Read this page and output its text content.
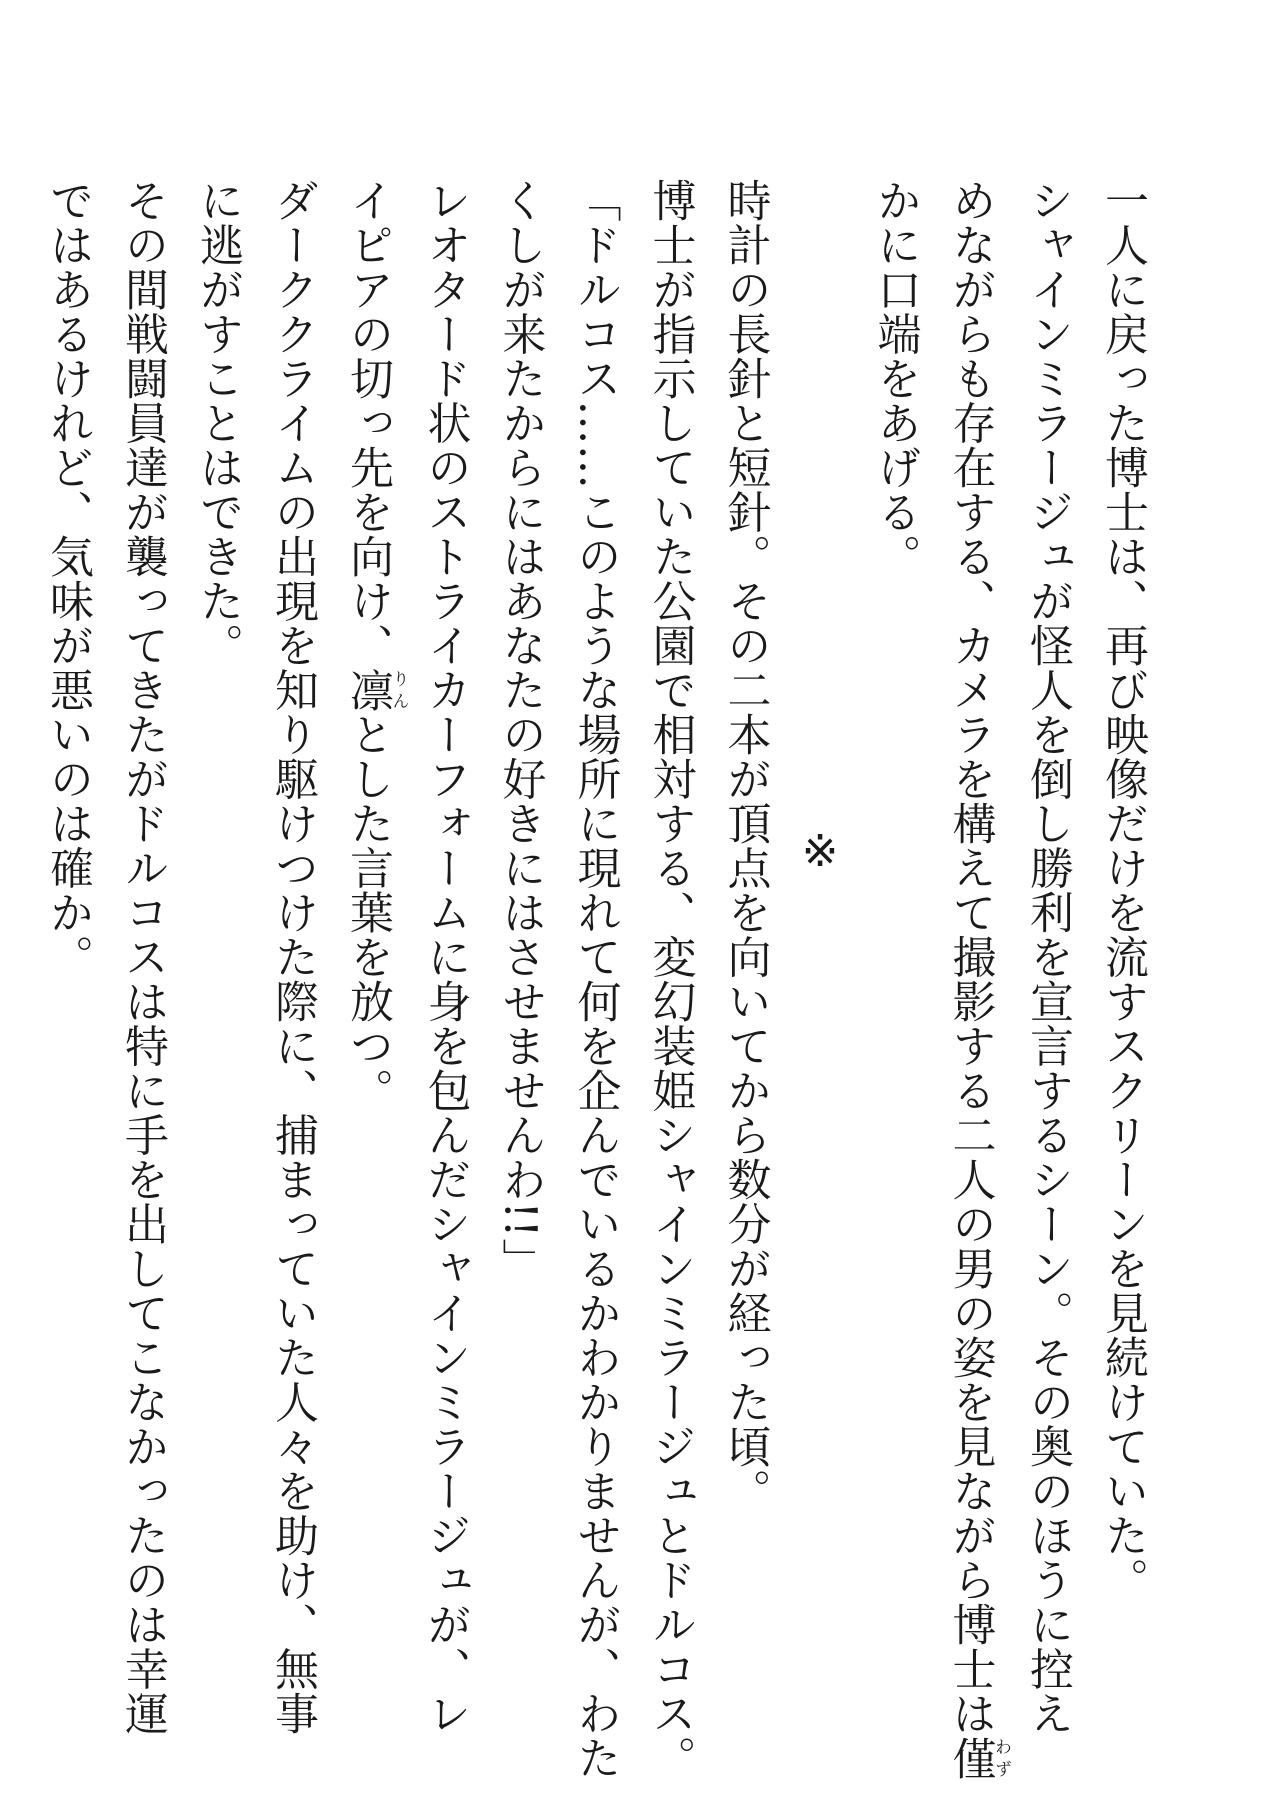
一人に戻った博士は、再び映像だけを流すスクリーンを見続けていた。
シャインミラージュが怪人を倒し勝利を宣言するシーン。その奥のほうに控え
めながらも存在する、カメラを構えて撮影する二人の男の姿を見ながら博士は僅わず
かに口端をあげる。
※
時計の長針と短針。その二本が頂点を向いてから数分が経った頃。
博士が指示していた公園で相対する、変幻装姫シャインミラージュとドルコス。
「ドルコス……このような場所に現れて何を企んでいるかわかりませんが、わた
くしが来たからにはあなたの好きにはさせませんわ!!」
レオタード状のストライカーフォームに身を包んだシャインミラージュが、レ
イピアの切っ先を向け、凛りんとした言葉を放つ。
ダーククライムの出現を知り駆けつけた際に、捕まっていた人々を助け、無事
に逃がすことはできた。
その間戦闘員達が襲ってきたがドルコスは特に手を出してこなかったのは幸運
ではあるけれど、気味が悪いのは確か。
